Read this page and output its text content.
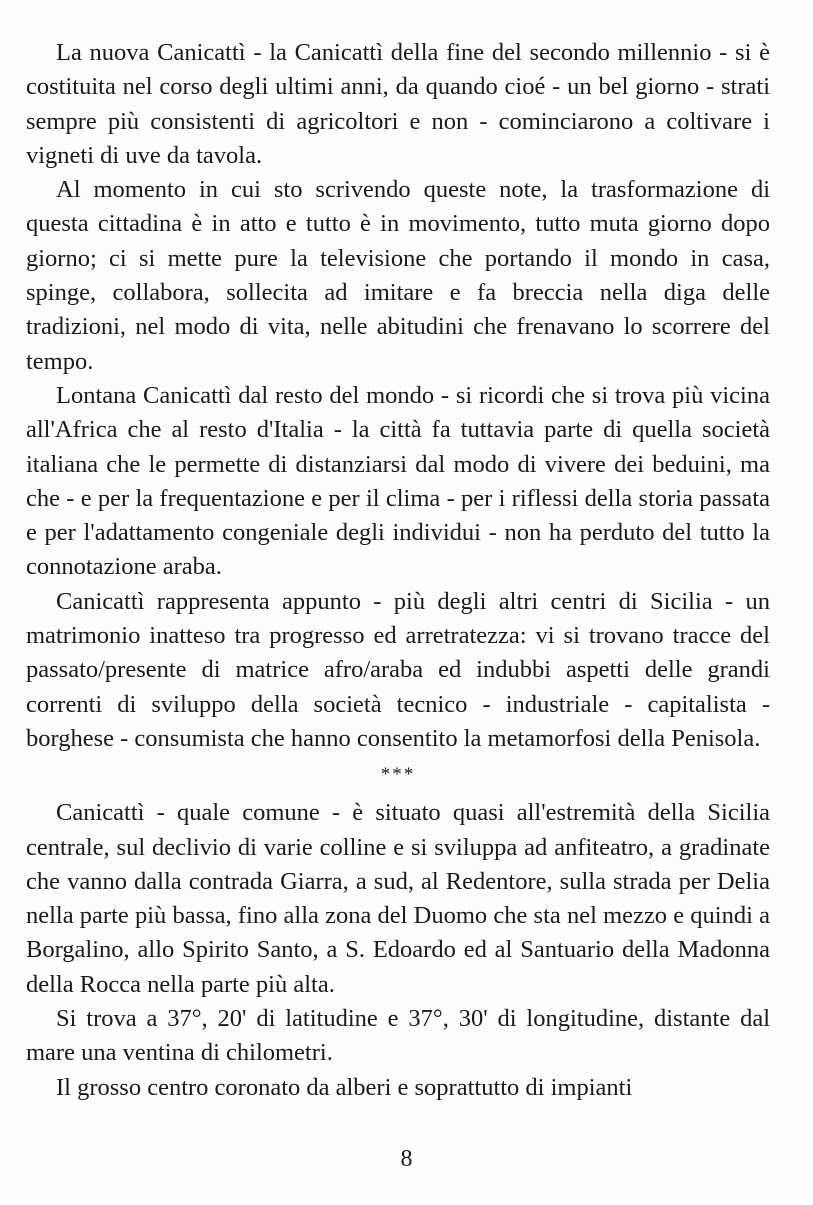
La nuova Canicattì - la Canicattì della fine del secondo millennio - si è costituita nel corso degli ultimi anni, da quando cioé - un bel giorno - strati sempre più consistenti di agricoltori e non - cominciarono a coltivare i vigneti di uve da tavola.

Al momento in cui sto scrivendo queste note, la trasformazione di questa cittadina è in atto e tutto è in movimento, tutto muta giorno dopo giorno; ci si mette pure la televisione che portando il mondo in casa, spinge, collabora, sollecita ad imitare e fa breccia nella diga delle tradizioni, nel modo di vita, nelle abitudini che frenavano lo scorrere del tempo.

Lontana Canicattì dal resto del mondo - si ricordi che si trova più vicina all'Africa che al resto d'Italia - la città fa tuttavia parte di quella società italiana che le permette di distanziarsi dal modo di vivere dei beduini, ma che - e per la frequentazione e per il clima - per i riflessi della storia passata e per l'adattamento congeniale degli individui - non ha perduto del tutto la connotazione araba.

Canicattì rappresenta appunto - più degli altri centri di Sicilia - un matrimonio inatteso tra progresso ed arretratezza: vi si trovano tracce del passato/presente di matrice afro/araba ed indubbi aspetti delle grandi correnti di sviluppo della società tecnico - industriale - capitalista - borghese - consumista che hanno consentito la metamorfosi della Penisola.

***

Canicattì - quale comune - è situato quasi all'estremità della Sicilia centrale, sul declivio di varie colline e si sviluppa ad anfiteatro, a gradinate che vanno dalla contrada Giarra, a sud, al Redentore, sulla strada per Delia nella parte più bassa, fino alla zona del Duomo che sta nel mezzo e quindi a Borgalino, allo Spirito Santo, a S. Edoardo ed al Santuario della Madonna della Rocca nella parte più alta.

Si trova a 37°, 20' di latitudine e 37°, 30' di longitudine, distante dal mare una ventina di chilometri.

Il grosso centro coronato da alberi e soprattutto di impianti

8
